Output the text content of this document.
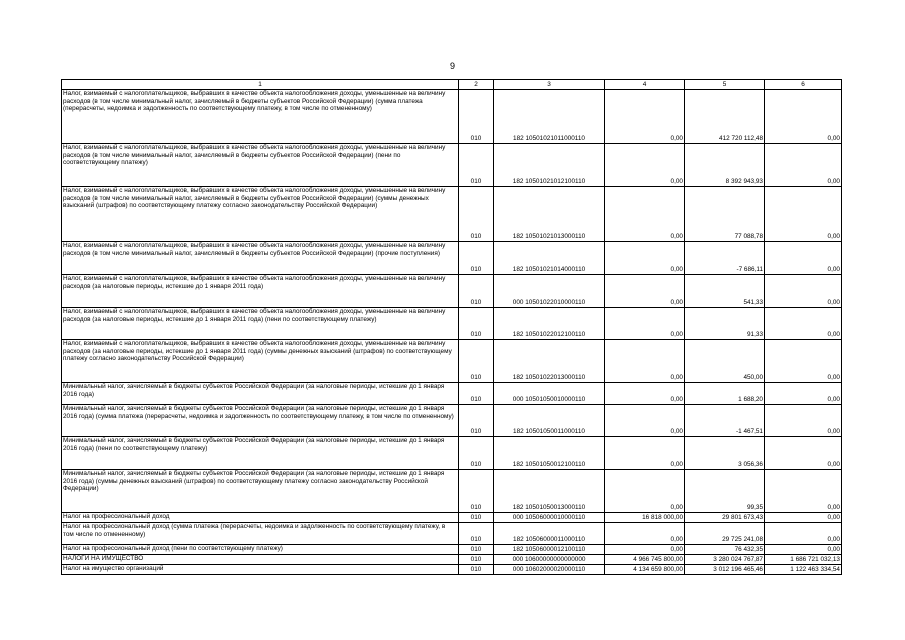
9
1	2	3	4	5	6
Налог, взимаемый с налогоплательщиков, выбравших в качестве объекта налогообложения доходы, уменьшенные на величину расходов (в том числе минимальный налог, зачисляемый в бюджеты субъектов Российской Федерации) (сумма платежа (перерасчеты, недоимка и задолженность по соответствующему платежу, в том числе по отмененному)	010	182 10501021011000110	0,00	412 720 112,48	0,00
Налог, взимаемый с налогоплательщиков, выбравших в качестве объекта налогообложения доходы, уменьшенные на величину расходов (в том числе минимальный налог, зачисляемый в бюджеты субъектов Российской Федерации) (пени по соответствующему платежу)	010	182 10501021012100110	0,00	8 392 943,93	0,00
Налог, взимаемый с налогоплательщиков, выбравших в качестве объекта налогообложения доходы, уменьшенные на величину расходов (в том числе минимальный налог, зачисляемый в бюджеты субъектов Российской Федерации) (суммы денежных взысканий (штрафов) по соответствующему платежу согласно законодательству Российской Федерации)	010	182 10501021013000110	0,00	77 088,78	0,00
Налог, взимаемый с налогоплательщиков, выбравших в качестве объекта налогообложения доходы, уменьшенные на величину расходов (в том числе минимальный налог, зачисляемый в бюджеты субъектов Российской Федерации) (прочие поступления)	010	182 10501021014000110	0,00	-7 686,11	0,00
Налог, взимаемый с налогоплательщиков, выбравших в качестве объекта налогообложения доходы, уменьшенные на величину расходов (за налоговые периоды, истекшие до 1 января 2011 года)	010	000 10501022010000110	0,00	541,33	0,00
Налог, взимаемый с налогоплательщиков, выбравших в качестве объекта налогообложения доходы, уменьшенные на величину расходов (за налоговые периоды, истекшие до 1 января 2011 года) (пени по соответствующему платежу)	010	182 10501022012100110	0,00	91,33	0,00
Налог, взимаемый с налогоплательщиков, выбравших в качестве объекта налогообложения доходы, уменьшенные на величину расходов (за налоговые периоды, истекшие до 1 января 2011 года) (суммы денежных взысканий (штрафов) по соответствующему платежу согласно законодательству Российской Федерации)	010	182 10501022013000110	0,00	450,00	0,00
Минимальный налог, зачисляемый в бюджеты субъектов Российской Федерации (за налоговые периоды, истекшие до 1 января 2016 года)	010	000 10501050010000110	0,00	1 688,20	0,00
Минимальный налог, зачисляемый в бюджеты субъектов Российской Федерации (за налоговые периоды, истекшие до 1 января 2016 года) (сумма платежа (перерасчеты, недоимка и задолженность по соответствующему платежу, в том числе по отмененному)	010	182 10501050011000110	0,00	-1 467,51	0,00
Минимальный налог, зачисляемый в бюджеты субъектов Российской Федерации (за налоговые периоды, истекшие до 1 января 2016 года) (пени по соответствующему платежу)	010	182 10501050012100110	0,00	3 056,36	0,00
Минимальный налог, зачисляемый в бюджеты субъектов Российской Федерации (за налоговые периоды, истекшие до 1 января 2016 года) (суммы денежных взысканий (штрафов) по соответствующему платежу согласно законодательству Российской Федерации)	010	182 10501050013000110	0,00	99,35	0,00
Налог на профессиональный доход	010	000 10506000010000110	16 818 000,00	29 801 673,43	0,00
Налог на профессиональный доход (сумма платежа (перерасчеты, недоимка и задолженность по соответствующему платежу, в том числе по отмененному)	010	182 10506000011000110	0,00	29 725 241,08	0,00
Налог на профессиональный доход (пени по соответствующему платежу)	010	182 10506000012100110	0,00	76 432,35	0,00
НАЛОГИ НА ИМУЩЕСТВО	010	000 10600000000000000	4 966 745 800,00	3 280 024 767,87	1 686 721 032,13
Налог на имущество организаций	010	000 10602000020000110	4 134 659 800,00	3 012 196 465,46	1 122 463 334,54
